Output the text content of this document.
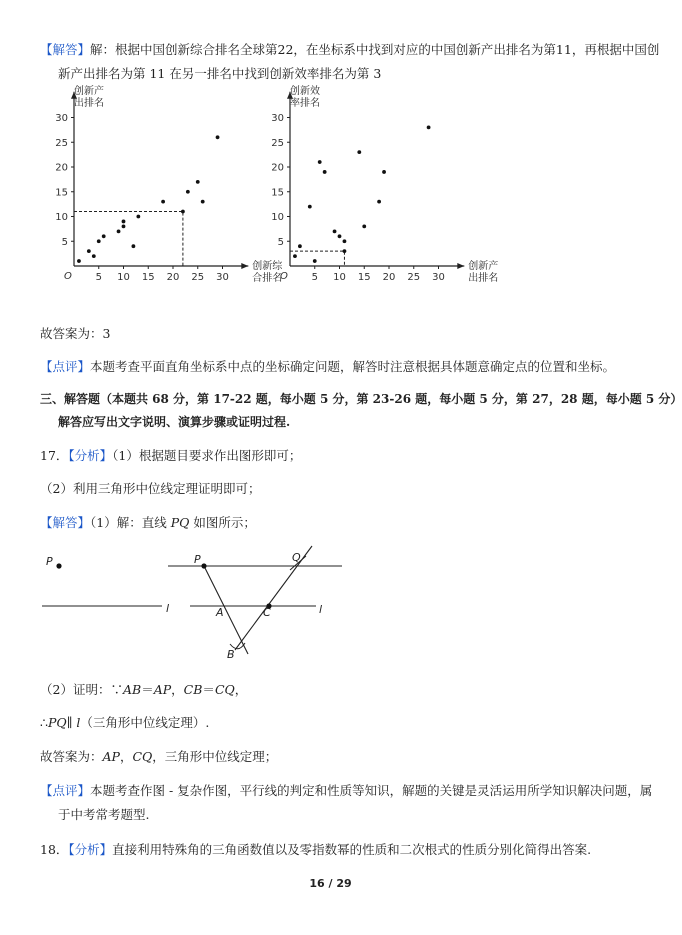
【解答】解：根据中国创新综合排名全球第22，在坐标系中找到对应的中国创新产出排名为第11，再根据中国创
新产出排名为第 11 在另一排名中找到创新效率排名为第 3
5 10 15 20 25 30
5
10
15
20
25
30
O
创新产
出排名
创新综
合排名	5 10 15 20 25 30
5
10
15
20
25
30
O
创新效
率排名
创新产
出排名
故答案为：3
【点评】本题考查平面直角坐标系中点的坐标确定问题，解答时注意根据具体题意确定点的位置和坐标。
三、解答题（本题共 68 分，第 17-22 题，每小题 5 分，第 23-26 题，每小题 5 分，第 27，28 题，每小题 5 分）
解答应写出文字说明、演算步骤或证明过程.
17．【分析】（1）根据题目要求作出图形即可；
（2）利用三角形中位线定理证明即可；
【解答】（1）解：直线 PQ 如图所示；
P
l	l
P	Q
A	C
B
（2）证明：∵AB＝AP，CB＝CQ，
∴PQ∥ l（三角形中位线定理）.
故答案为：AP，CQ，三角形中位线定理；
【点评】本题考查作图 - 复杂作图，平行线的判定和性质等知识，解题的关键是灵活运用所学知识解决问题，属
于中考常考题型.
18．【分析】直接利用特殊角的三角函数值以及零指数幂的性质和二次根式的性质分别化简得出答案.
16 / 29
